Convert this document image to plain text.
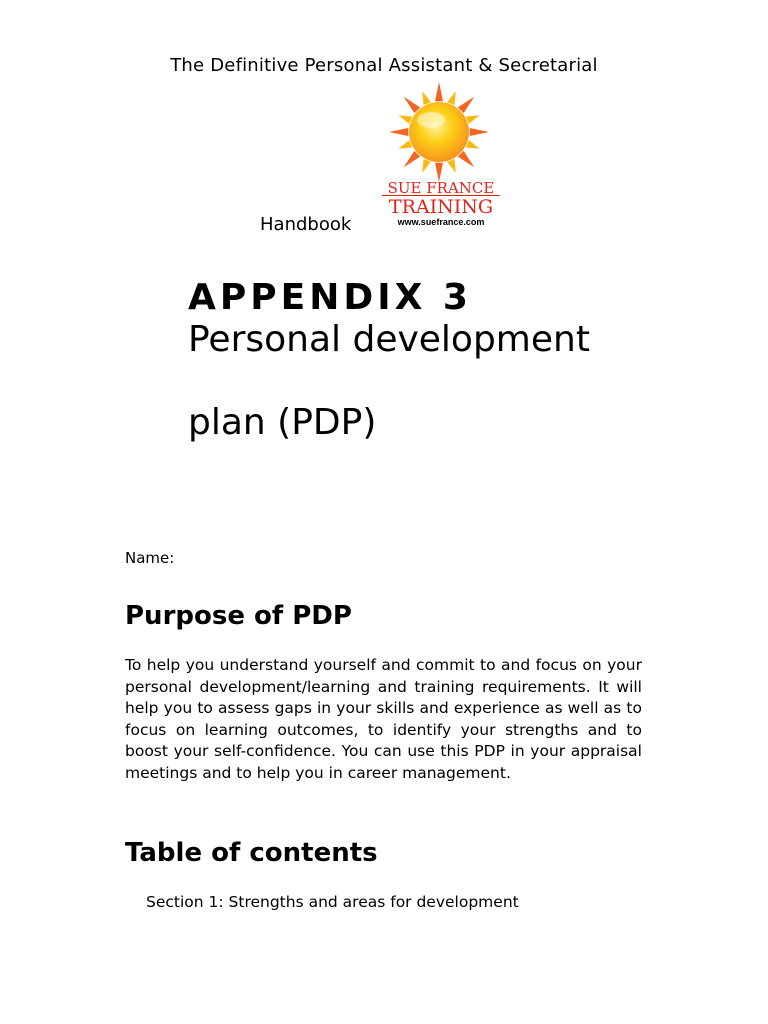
The Definitive Personal Assistant & Secretarial
SUE FRANCE
TRAINING
www.suefrance.com
Handbook
APPENDIX 3
Personal development
plan (PDP)
Name:
Purpose of PDP
To help you understand yourself and commit to and focus on your personal development/learning and training requirements. It will help you to assess gaps in your skills and experience as well as to focus on learning outcomes, to identify your strengths and to boost your self-confidence. You can use this PDP in your appraisal meetings and to help you in career management.
Table of contents
Section 1: Strengths and areas for development
